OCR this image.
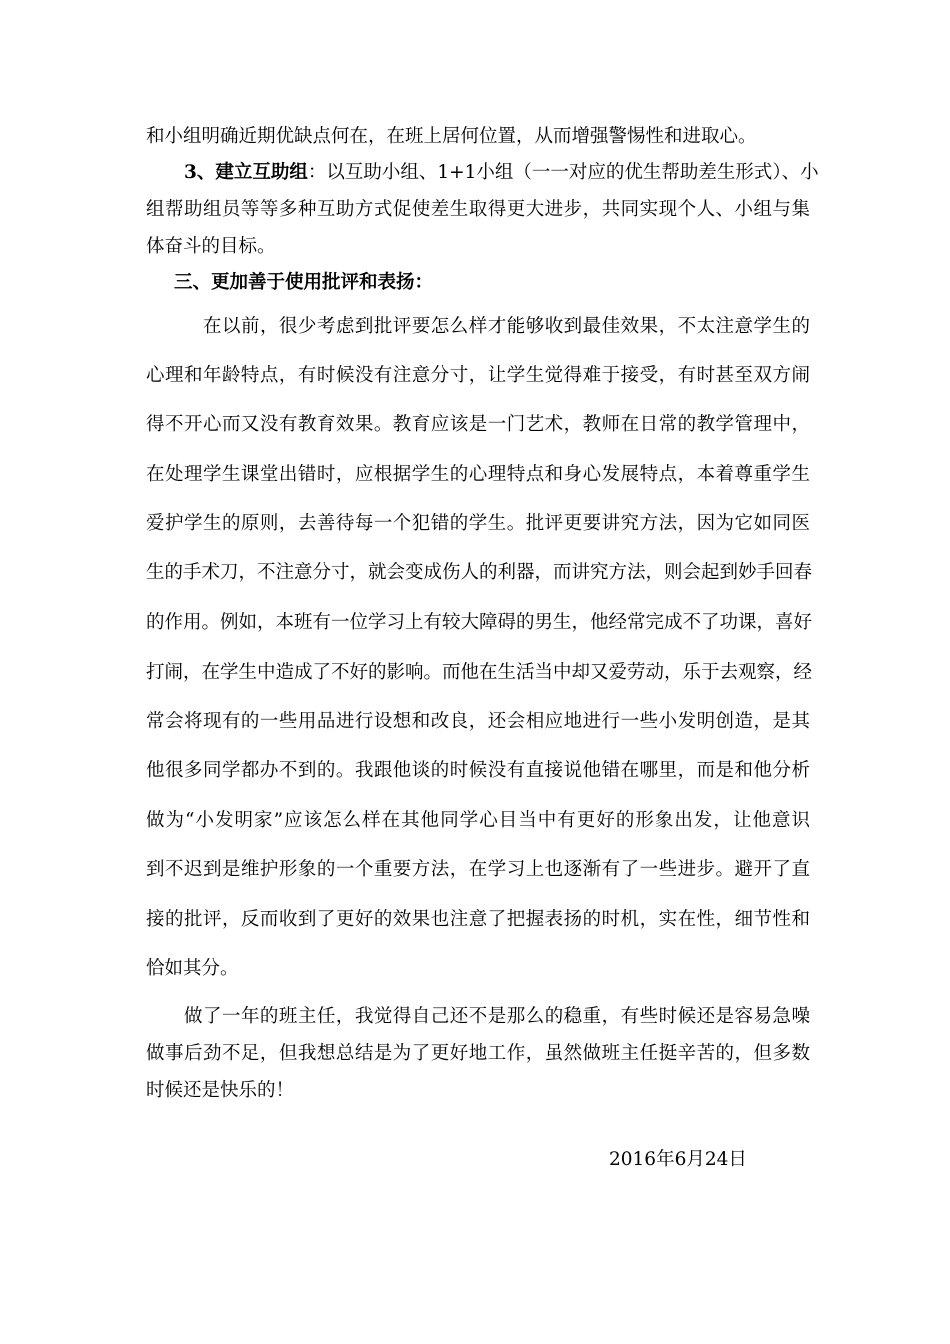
和小组明确近期优缺点何在，在班上居何位置，从而增强警惕性和进取心。
3、建立互助组：以互助小组、1+1小组（一一对应的优生帮助差生形式）、小
组帮助组员等等多种互助方式促使差生取得更大进步，共同实现个人、小组与集
体奋斗的目标。
三、更加善于使用批评和表扬：
在以前，很少考虑到批评要怎么样才能够收到最佳效果，不太注意学生的
心理和年龄特点，有时候没有注意分寸，让学生觉得难于接受，有时甚至双方闹
得不开心而又没有教育效果。教育应该是一门艺术，教师在日常的教学管理中，
在处理学生课堂出错时，应根据学生的心理特点和身心发展特点，本着尊重学生
爱护学生的原则，去善待每一个犯错的学生。批评更要讲究方法，因为它如同医
生的手术刀，不注意分寸，就会变成伤人的利器，而讲究方法，则会起到妙手回春
的作用。例如，本班有一位学习上有较大障碍的男生，他经常完成不了功课，喜好
打闹，在学生中造成了不好的影响。而他在生活当中却又爱劳动，乐于去观察，经
常会将现有的一些用品进行设想和改良，还会相应地进行一些小发明创造，是其
他很多同学都办不到的。我跟他谈的时候没有直接说他错在哪里，而是和他分析
做为“小发明家”应该怎么样在其他同学心目当中有更好的形象出发，让他意识
到不迟到是维护形象的一个重要方法，在学习上也逐渐有了一些进步。避开了直
接的批评，反而收到了更好的效果也注意了把握表扬的时机，实在性，细节性和
恰如其分。
做了一年的班主任，我觉得自己还不是那么的稳重，有些时候还是容易急噪
做事后劲不足，但我想总结是为了更好地工作，虽然做班主任挺辛苦的，但多数
时候还是快乐的！
2016年6月24日
